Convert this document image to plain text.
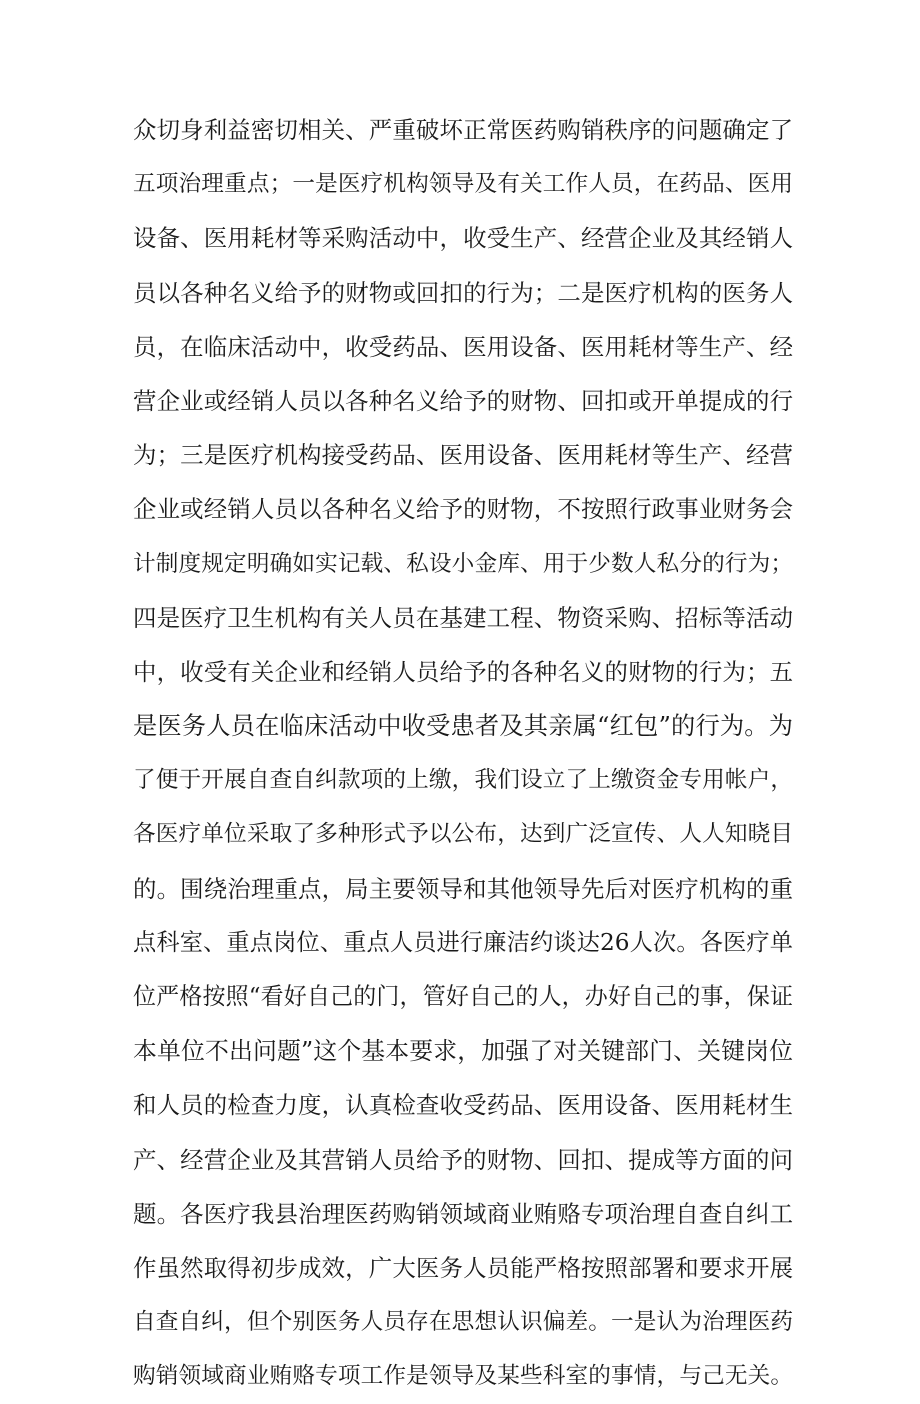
众切身利益密切相关、严重破坏正常医药购销秩序的问题确定了
五项治理重点；一是医疗机构领导及有关工作人员，在药品、医用
设备、医用耗材等采购活动中，收受生产、经营企业及其经销人
员以各种名义给予的财物或回扣的行为；二是医疗机构的医务人
员，在临床活动中，收受药品、医用设备、医用耗材等生产、经
营企业或经销人员以各种名义给予的财物、回扣或开单提成的行
为；三是医疗机构接受药品、医用设备、医用耗材等生产、经营
企业或经销人员以各种名义给予的财物，不按照行政事业财务会
计制度规定明确如实记载、私设小金库、用于少数人私分的行为；
四是医疗卫生机构有关人员在基建工程、物资采购、招标等活动
中，收受有关企业和经销人员给予的各种名义的财物的行为；五
是医务人员在临床活动中收受患者及其亲属“红包”的行为。为
了便于开展自查自纠款项的上缴，我们设立了上缴资金专用帐户，
各医疗单位采取了多种形式予以公布，达到广泛宣传、人人知晓目
的。围绕治理重点，局主要领导和其他领导先后对医疗机构的重
点科室、重点岗位、重点人员进行廉洁约谈达26人次。各医疗单
位严格按照“看好自己的门，管好自己的人，办好自己的事，保证
本单位不出问题”这个基本要求，加强了对关键部门、关键岗位
和人员的检查力度，认真检查收受药品、医用设备、医用耗材生
产、经营企业及其营销人员给予的财物、回扣、提成等方面的问
题。各医疗我县治理医药购销领域商业贿赂专项治理自查自纠工
作虽然取得初步成效，广大医务人员能严格按照部署和要求开展
自查自纠，但个别医务人员存在思想认识偏差。一是认为治理医药
购销领域商业贿赂专项工作是领导及某些科室的事情，与己无关。
